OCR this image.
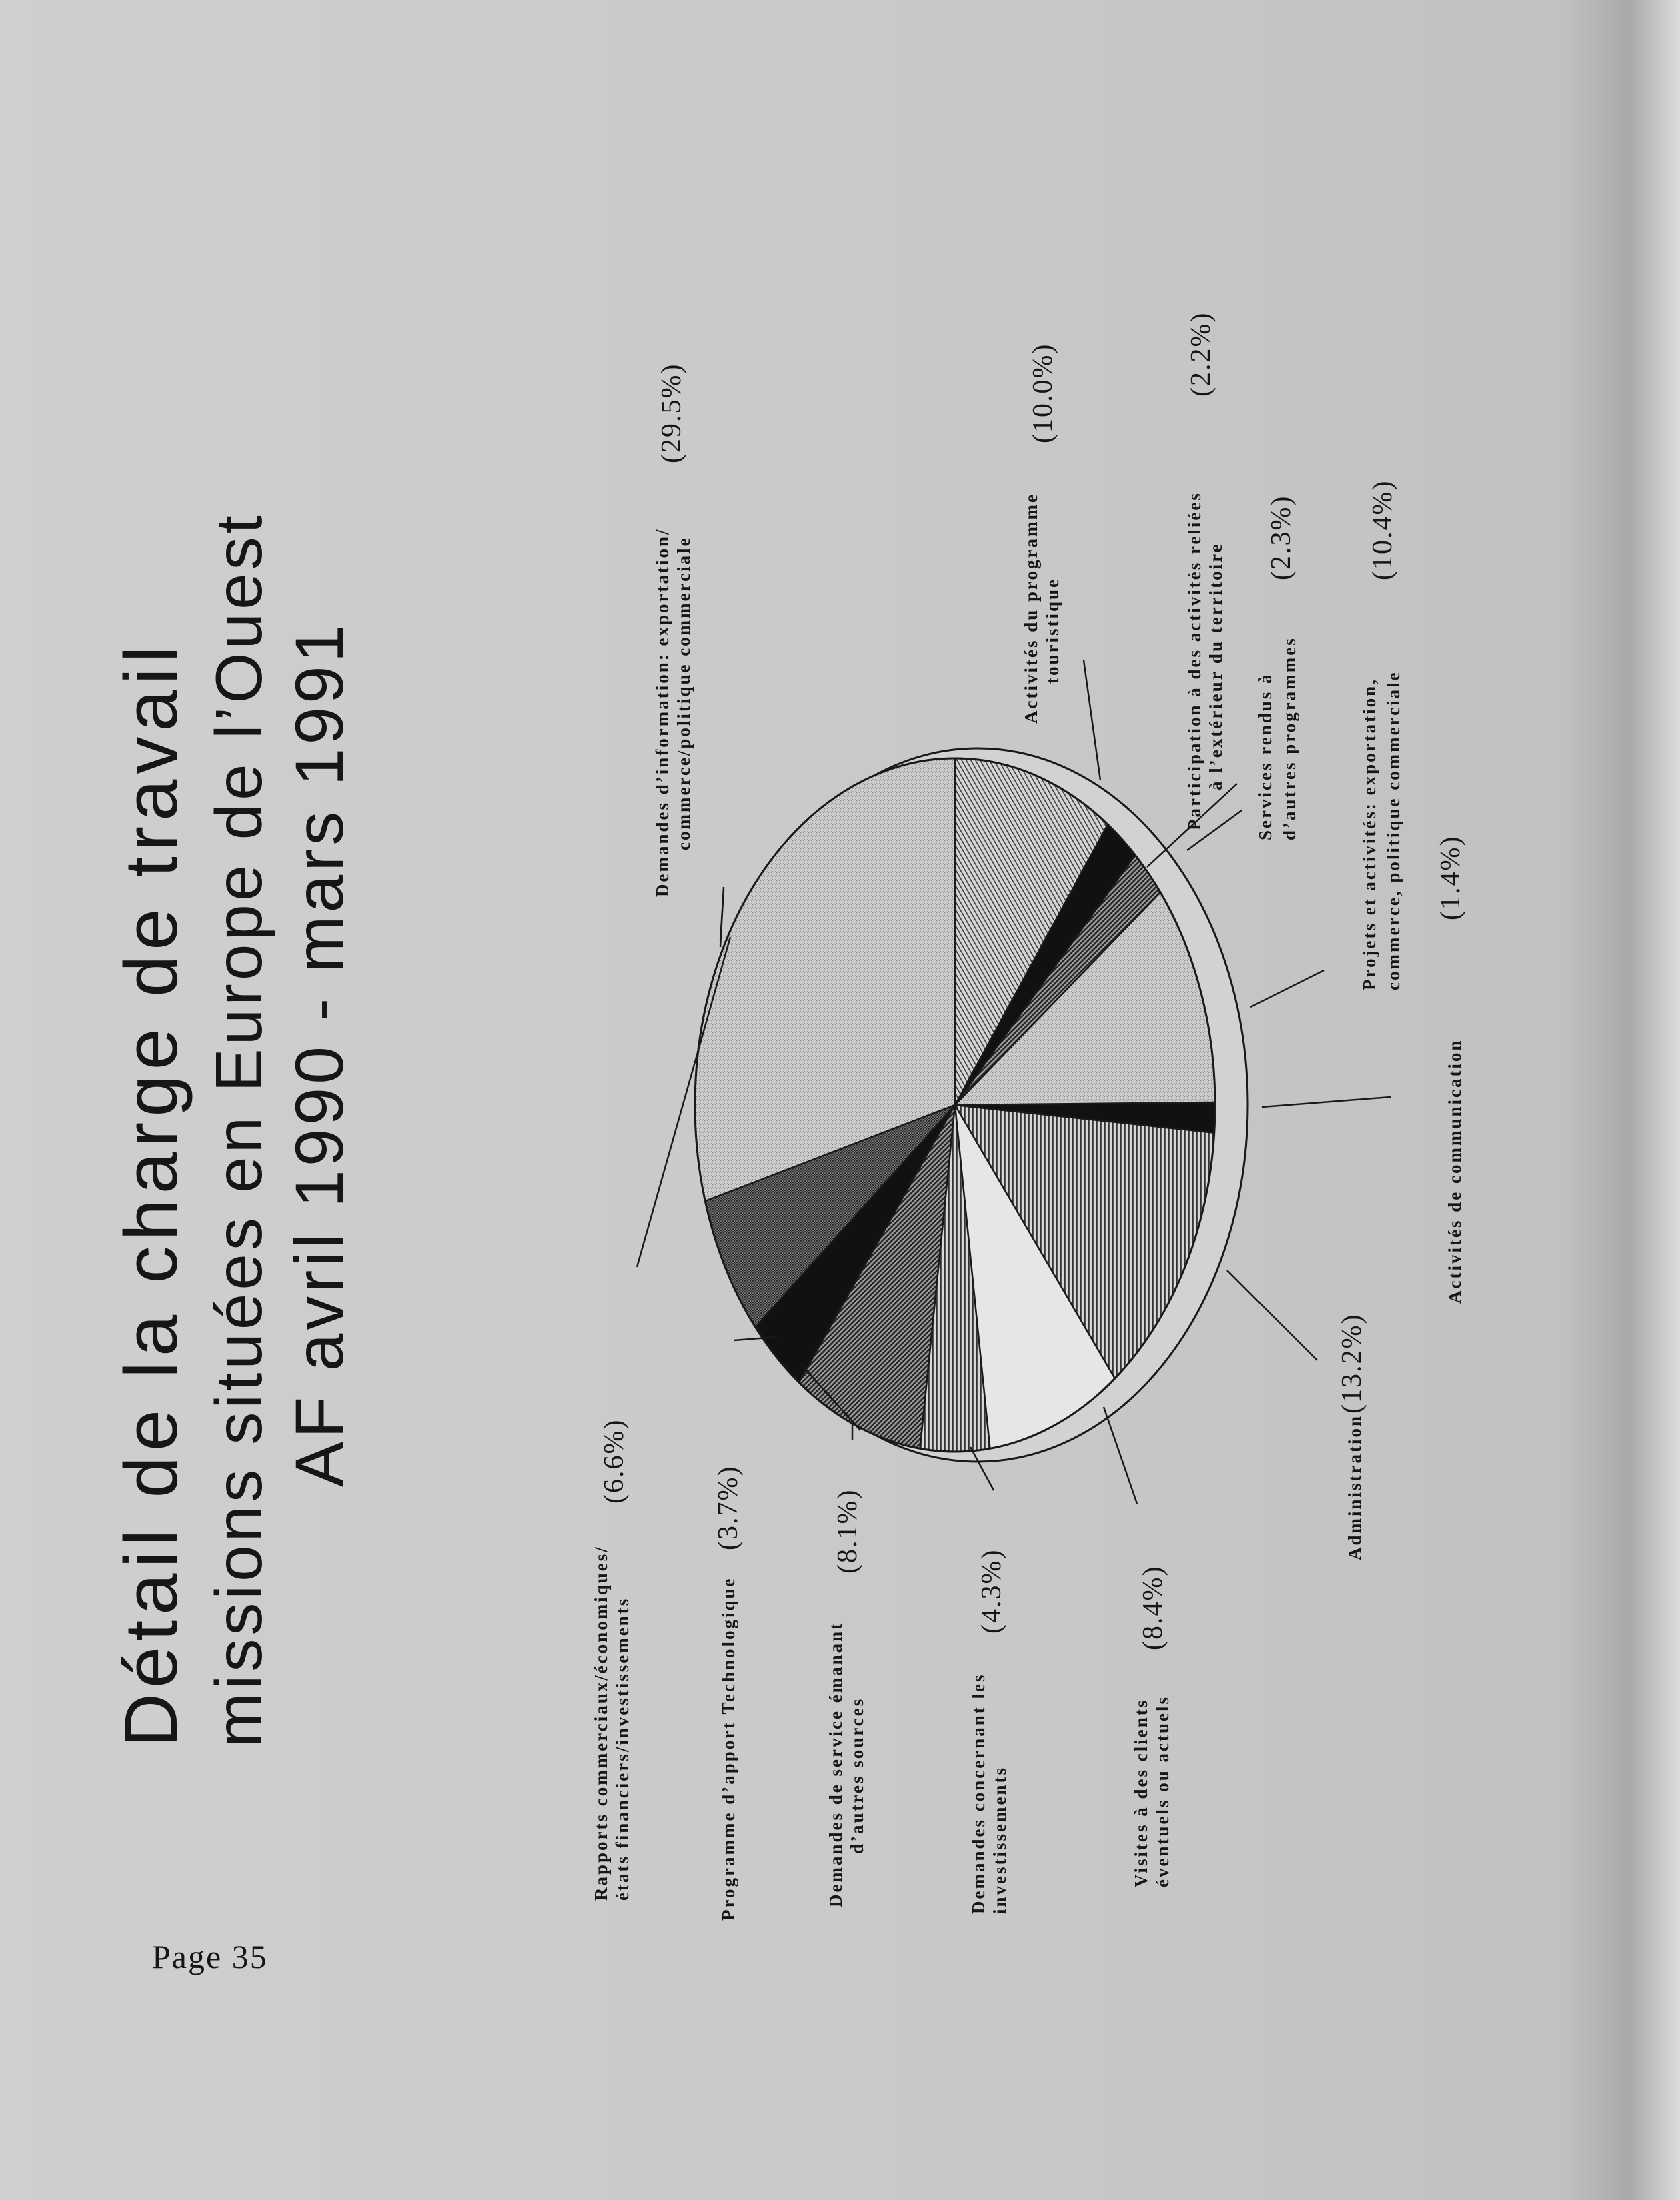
Détail de la charge de travail missions situées en Europe de l’Ouest AF avril 1990 - mars 1991
Rapports commerciaux/économiques/ états financiers/investissements
(6.6%)
Programme d’apport Technologique
(3.7%)
Demandes de service émanant d’autres sources
(8.1%)
Demandes concernant les investissements
(4.3%)
Visites à des clients éventuels ou actuels
(8.4%)
Administration
(13.2%)
Activités de communication
(1.4%)
Demandes d’information: exportation/ commerce/politique commerciale
(29.5%)
Activités du programme touristique
(10.0%)
Participation à des activités reliées à l’extérieur du territoire
(2.2%)
Services rendus à d’autres programmes
(2.3%)
Projets et activités: exportation, commerce, politique commerciale
(10.4%)
Page 35
